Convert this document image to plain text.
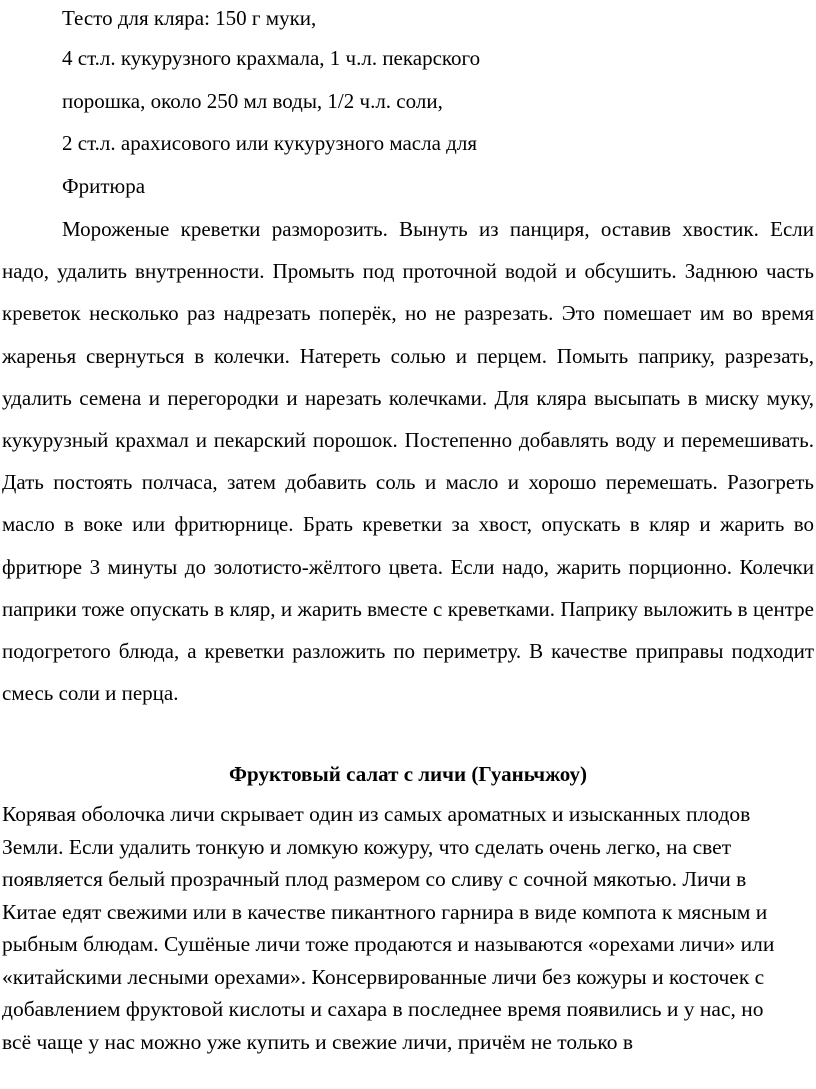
Тесто для кляра: 150 г муки,
4 ст.л. кукурузного крахмала, 1 ч.л. пекарского
порошка, около 250 мл воды, 1/2 ч.л. соли,
2 ст.л. арахисового или кукурузного масла для
Фритюра

Мороженые креветки разморозить. Вынуть из панциря, оставив хвостик. Если надо, удалить внутренности. Промыть под проточной водой и обсушить. Заднюю часть креветок несколько раз надрезать поперёк, но не разрезать. Это помешает им во время жаренья свернуться в колечки. Натереть солью и перцем. Помыть паприку, разрезать, удалить семена и перегородки и нарезать колечками. Для кляра высыпать в миску муку, кукурузный крахмал и пекарский порошок. Постепенно добавлять воду и перемешивать. Дать постоять полчаса, затем добавить соль и масло и хорошо перемешать. Разогреть масло в воке или фритюрнице. Брать креветки за хвост, опускать в кляр и жарить во фритюре 3 минуты до золотисто-жёлтого цвета. Если надо, жарить порционно. Колечки паприки тоже опускать в кляр, и жарить вместе с креветками. Паприку выложить в центре подогретого блюда, а креветки разложить по периметру. В качестве приправы подходит смесь соли и перца.

Фруктовый салат с личи (Гуаньчжоу)

Корявая оболочка личи скрывает один из самых ароматных и изысканных плодов Земли. Если удалить тонкую и ломкую кожуру, что сделать очень легко, на свет появляется белый прозрачный плод размером со сливу с сочной мякотью. Личи в Китае едят свежими или в качестве пикантного гарнира в виде компота к мясным и рыбным блюдам. Сушёные личи тоже продаются и называются «орехами личи» или «китайскими лесными орехами». Консервированные личи без кожуры и косточек с добавлением фруктовой кислоты и сахара в последнее время появились и у нас, но всё чаще у нас можно уже купить и свежие личи, причём не только в
